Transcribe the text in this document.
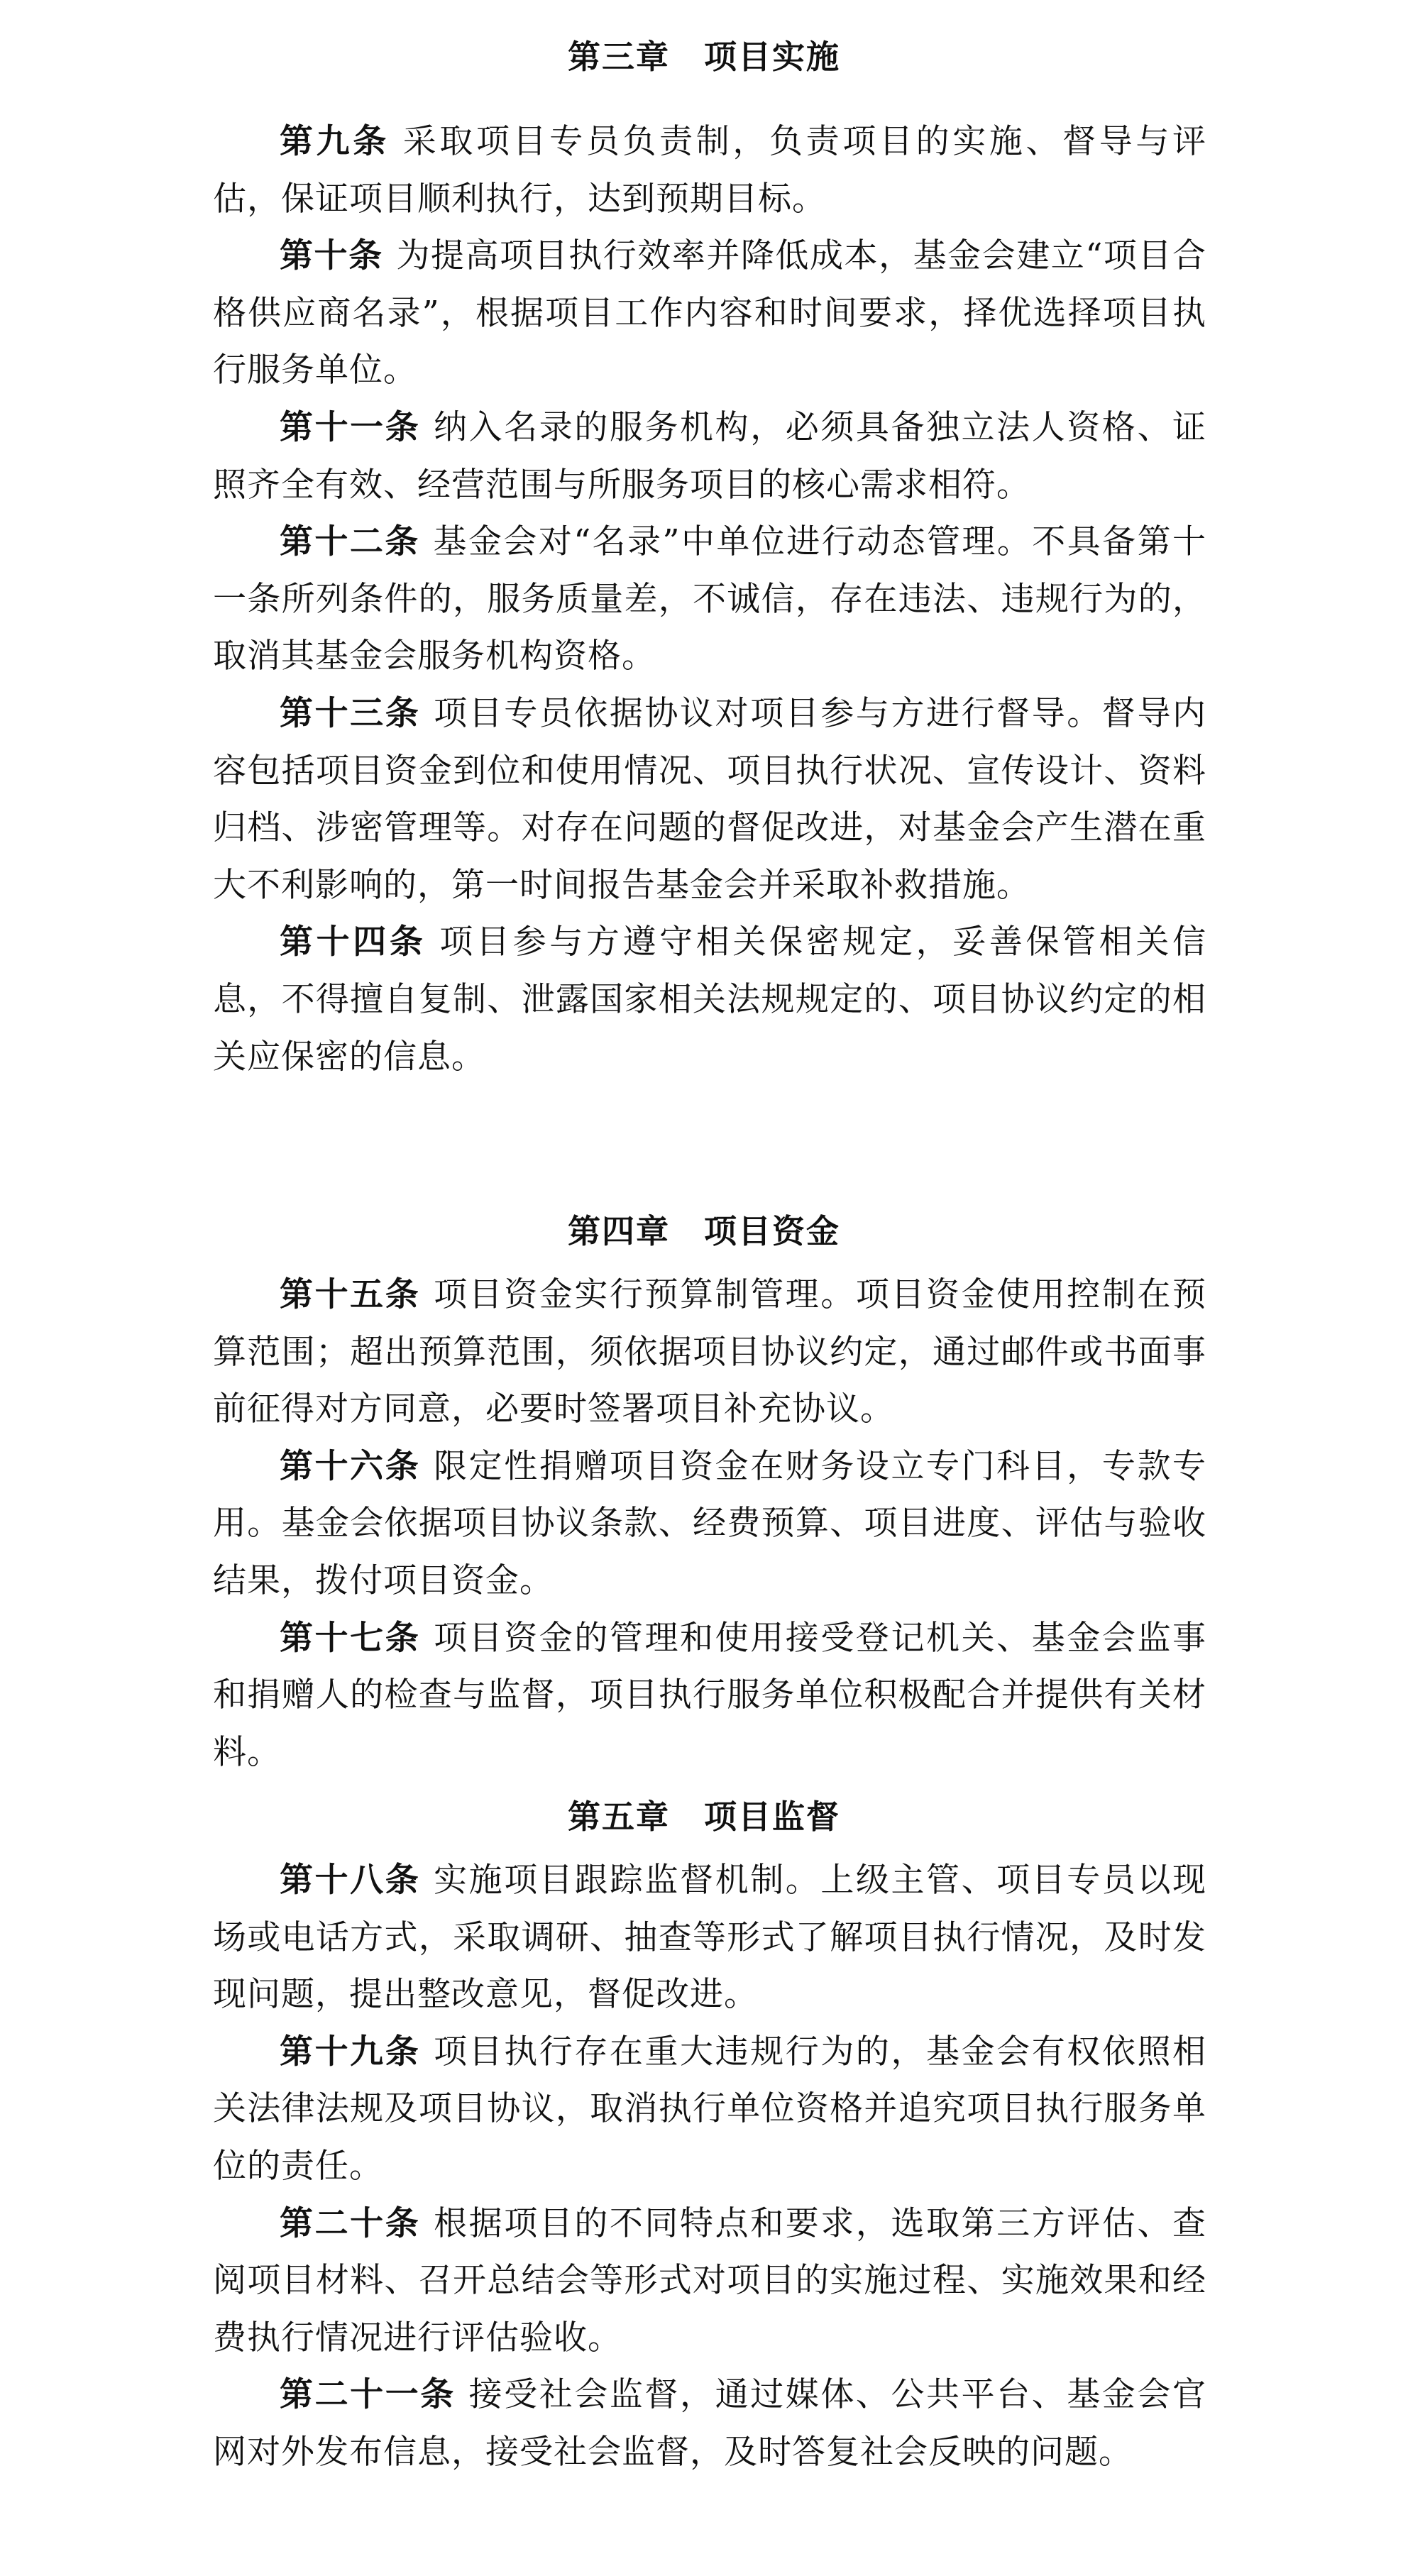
第三章　项目实施

第九条 采取项目专员负责制，负责项目的实施、督导与评估，保证项目顺利执行，达到预期目标。

第十条 为提高项目执行效率并降低成本，基金会建立“项目合格供应商名录”，根据项目工作内容和时间要求，择优选择项目执行服务单位。

第十一条 纳入名录的服务机构，必须具备独立法人资格、证照齐全有效、经营范围与所服务项目的核心需求相符。

第十二条 基金会对“名录”中单位进行动态管理。不具备第十一条所列条件的，服务质量差，不诚信，存在违法、违规行为的，取消其基金会服务机构资格。

第十三条 项目专员依据协议对项目参与方进行督导。督导内容包括项目资金到位和使用情况、项目执行状况、宣传设计、资料归档、涉密管理等。对存在问题的督促改进，对基金会产生潜在重大不利影响的，第一时间报告基金会并采取补救措施。

第十四条 项目参与方遵守相关保密规定，妥善保管相关信息，不得擅自复制、泄露国家相关法规规定的、项目协议约定的相关应保密的信息。

第四章　项目资金

第十五条 项目资金实行预算制管理。项目资金使用控制在预算范围；超出预算范围，须依据项目协议约定，通过邮件或书面事前征得对方同意，必要时签署项目补充协议。

第十六条 限定性捐赠项目资金在财务设立专门科目，专款专用。基金会依据项目协议条款、经费预算、项目进度、评估与验收结果，拨付项目资金。

第十七条 项目资金的管理和使用接受登记机关、基金会监事和捐赠人的检查与监督，项目执行服务单位积极配合并提供有关材料。

第五章　项目监督

第十八条 实施项目跟踪监督机制。上级主管、项目专员以现场或电话方式，采取调研、抽查等形式了解项目执行情况，及时发现问题，提出整改意见，督促改进。

第十九条 项目执行存在重大违规行为的，基金会有权依照相关法律法规及项目协议，取消执行单位资格并追究项目执行服务单位的责任。

第二十条 根据项目的不同特点和要求，选取第三方评估、查阅项目材料、召开总结会等形式对项目的实施过程、实施效果和经费执行情况进行评估验收。

第二十一条 接受社会监督，通过媒体、公共平台、基金会官网对外发布信息，接受社会监督，及时答复社会反映的问题。
